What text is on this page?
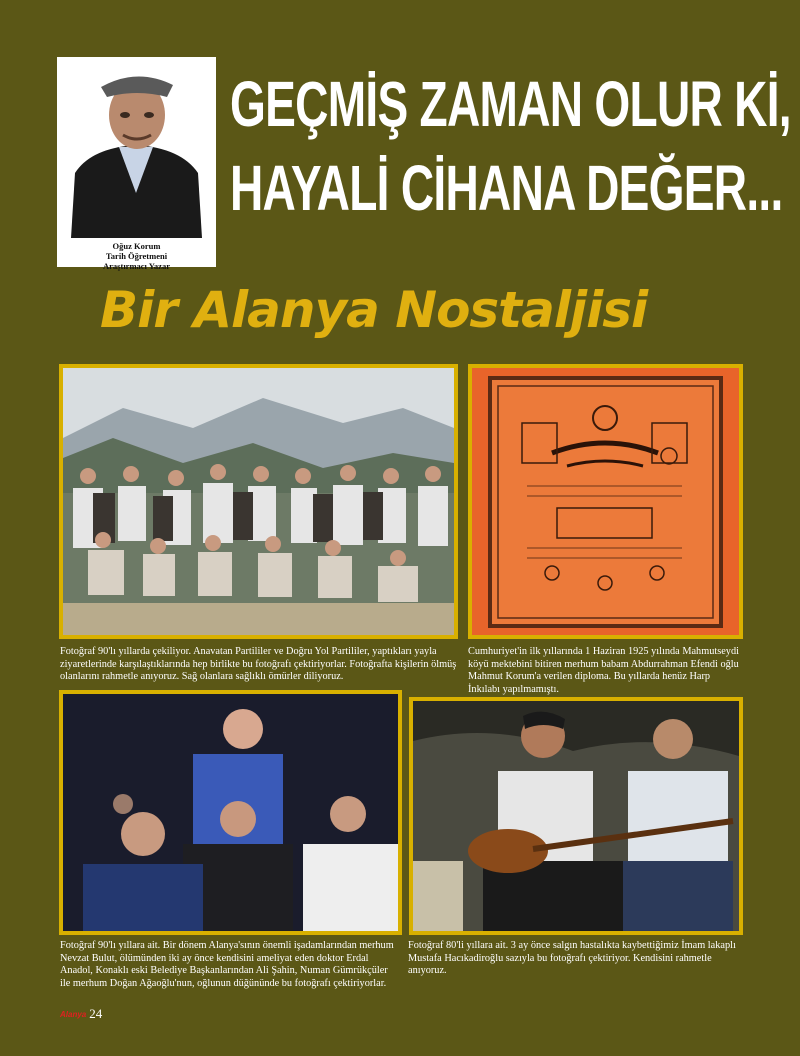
Oğuz Korum
Tarih Öğretmeni
Araştırmacı Yazar
GEÇMİŞ ZAMAN OLUR Kİ,
HAYALİ CİHANA DEĞER...
Bir Alanya Nostaljisi
Fotoğraf 90'lı yıllarda çekiliyor. Anavatan Partililer ve Doğru Yol Partililer, yaptıkları yayla ziyaretlerinde karşılaştıklarında hep birlikte bu fotoğrafı çektiriyorlar. Fotoğrafta kişilerin ölmüş olanlarını rahmetle anıyoruz. Sağ olanlara sağlıklı ömürler diliyoruz.
Cumhuriyet'in ilk yıllarında 1 Haziran 1925 yılında Mahmutseydi köyü mektebini bitiren merhum babam Abdurrahman Efendi oğlu Mahmut Korum'a verilen diploma. Bu yıllarda henüz Harp İnkılabı yapılmamıştı.
Fotoğraf 90'lı yıllara ait. Bir dönem Alanya'sının önemli işadamlarından merhum Nevzat Bulut, ölümünden iki ay önce kendisini ameliyat eden doktor Erdal Anadol, Konaklı eski Belediye Başkanlarından Ali Şahin, Numan Gümrükçüler ile merhum Doğan Ağaoğlu'nun, oğlunun düğününde bu fotoğrafı çektiriyorlar.
Fotoğraf 80'li yıllara ait. 3 ay önce salgın hastalıkta kaybettiğimiz İmam lakaplı Mustafa Hacıkadiroğlu sazıyla bu fotoğrafı çektiriyor. Kendisini rahmetle anıyoruz.
Alanya 24
